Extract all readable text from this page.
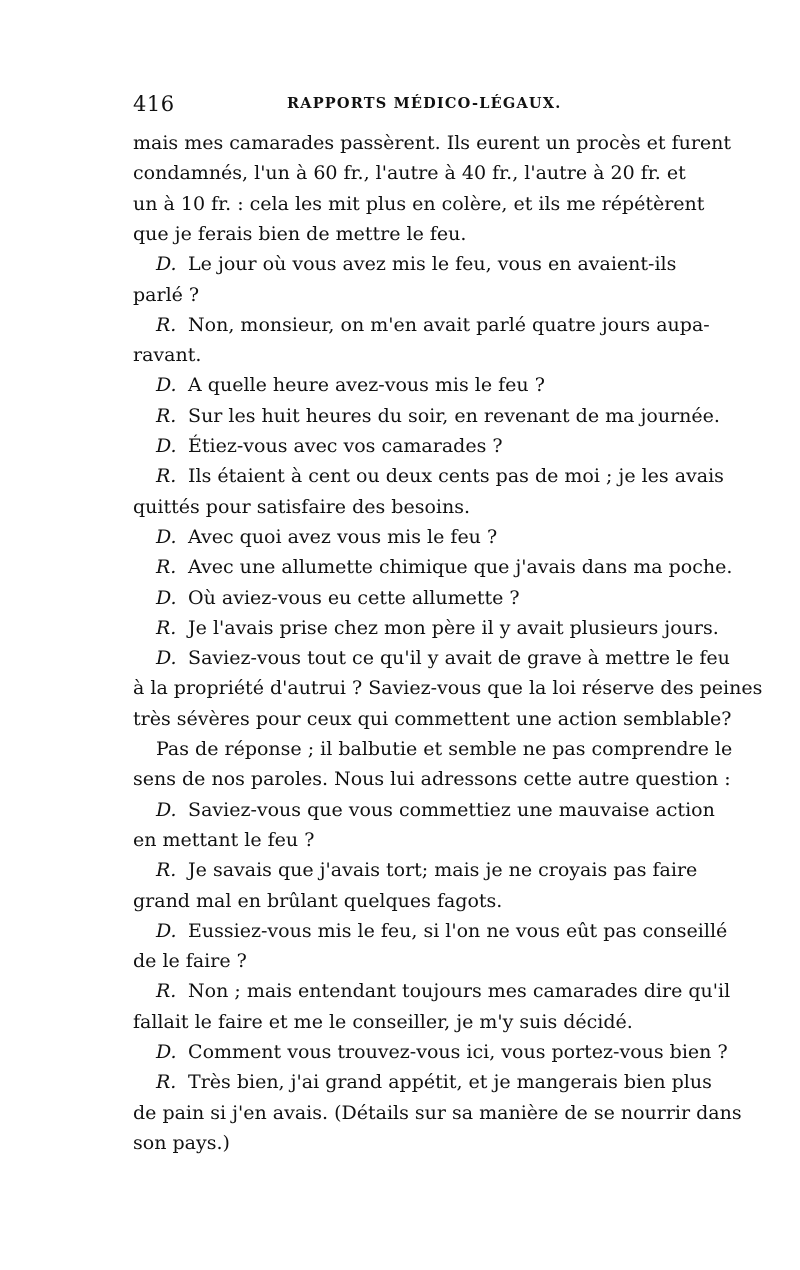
416	RAPPORTS MÉDICO-LÉGAUX.
mais mes camarades passèrent. Ils eurent un procès et furent
condamnés, l'un à 60 fr., l'autre à 40 fr., l'autre à 20 fr. et
un à 10 fr. : cela les mit plus en colère, et ils me répétèrent
que je ferais bien de mettre le feu.
D. Le jour où vous avez mis le feu, vous en avaient-ils
parlé ?
R. Non, monsieur, on m'en avait parlé quatre jours aupa-
ravant.
D. A quelle heure avez-vous mis le feu ?
R. Sur les huit heures du soir, en revenant de ma journée.
D. Étiez-vous avec vos camarades ?
R. Ils étaient à cent ou deux cents pas de moi ; je les avais
quittés pour satisfaire des besoins.
D. Avec quoi avez vous mis le feu ?
R. Avec une allumette chimique que j'avais dans ma poche.
D. Où aviez-vous eu cette allumette ?
R. Je l'avais prise chez mon père il y avait plusieurs jours.
D. Saviez-vous tout ce qu'il y avait de grave à mettre le feu
à la propriété d'autrui ? Saviez-vous que la loi réserve des peines
très sévères pour ceux qui commettent une action semblable?
Pas de réponse ; il balbutie et semble ne pas comprendre le
sens de nos paroles. Nous lui adressons cette autre question :
D. Saviez-vous que vous commettiez une mauvaise action
en mettant le feu ?
R. Je savais que j'avais tort; mais je ne croyais pas faire
grand mal en brûlant quelques fagots.
D. Eussiez-vous mis le feu, si l'on ne vous eût pas conseillé
de le faire ?
R. Non ; mais entendant toujours mes camarades dire qu'il
fallait le faire et me le conseiller, je m'y suis décidé.
D. Comment vous trouvez-vous ici, vous portez-vous bien ?
R. Très bien, j'ai grand appétit, et je mangerais bien plus
de pain si j'en avais. (Détails sur sa manière de se nourrir dans
son pays.)
